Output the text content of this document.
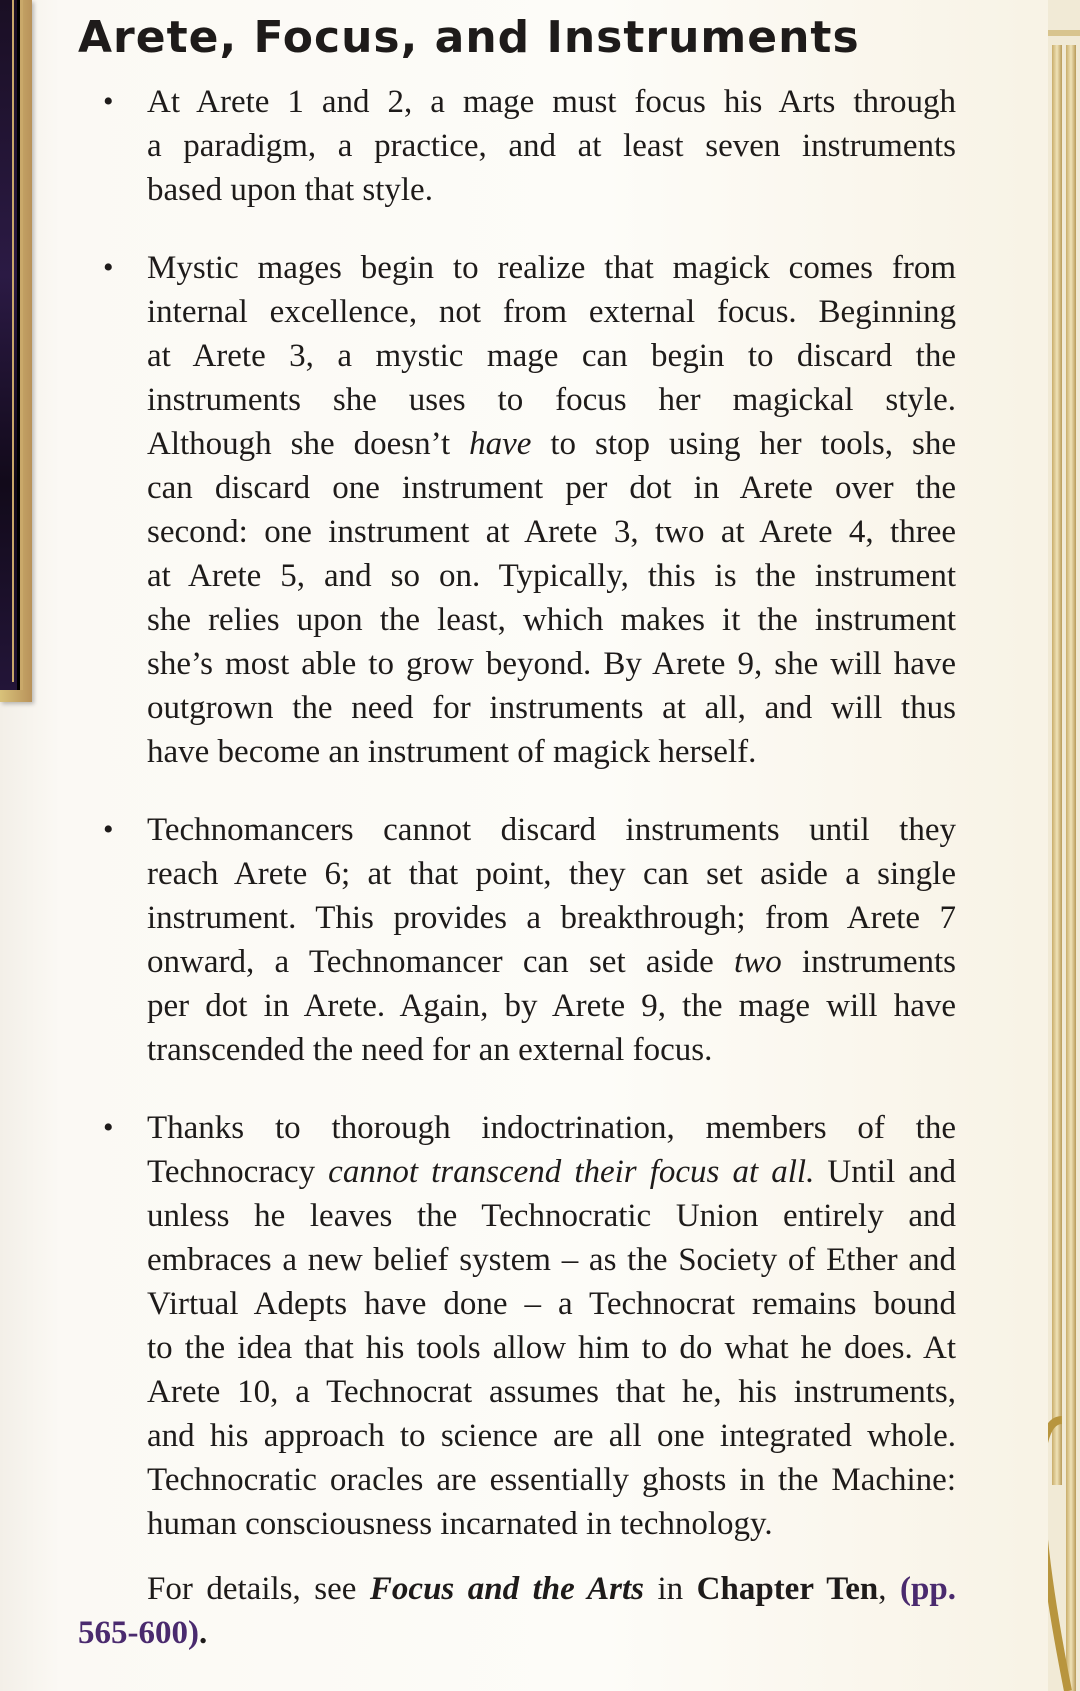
Arete, Focus, and Instruments
• At Arete 1 and 2, a mage must focus his Arts through
a paradigm, a practice, and at least seven instruments
based upon that style.
• Mystic mages begin to realize that magick comes from
internal excellence, not from external focus. Beginning
at Arete 3, a mystic mage can begin to discard the
instruments she uses to focus her magickal style.
Although she doesn’t have to stop using her tools, she
can discard one instrument per dot in Arete over the
second: one instrument at Arete 3, two at Arete 4, three
at Arete 5, and so on. Typically, this is the instrument
she relies upon the least, which makes it the instrument
she’s most able to grow beyond. By Arete 9, she will have
outgrown the need for instruments at all, and will thus
have become an instrument of magick herself.
• Technomancers cannot discard instruments until they
reach Arete 6; at that point, they can set aside a single
instrument. This provides a breakthrough; from Arete 7
onward, a Technomancer can set aside two instruments
per dot in Arete. Again, by Arete 9, the mage will have
transcended the need for an external focus.
• Thanks to thorough indoctrination, members of the
Technocracy cannot transcend their focus at all. Until and
unless he leaves the Technocratic Union entirely and
embraces a new belief system – as the Society of Ether and
Virtual Adepts have done – a Technocrat remains bound
to the idea that his tools allow him to do what he does. At
Arete 10, a Technocrat assumes that he, his instruments,
and his approach to science are all one integrated whole.
Technocratic oracles are essentially ghosts in the Machine:
human consciousness incarnated in technology.
For details, see Focus and the Arts in Chapter Ten, (pp.
565-600).
